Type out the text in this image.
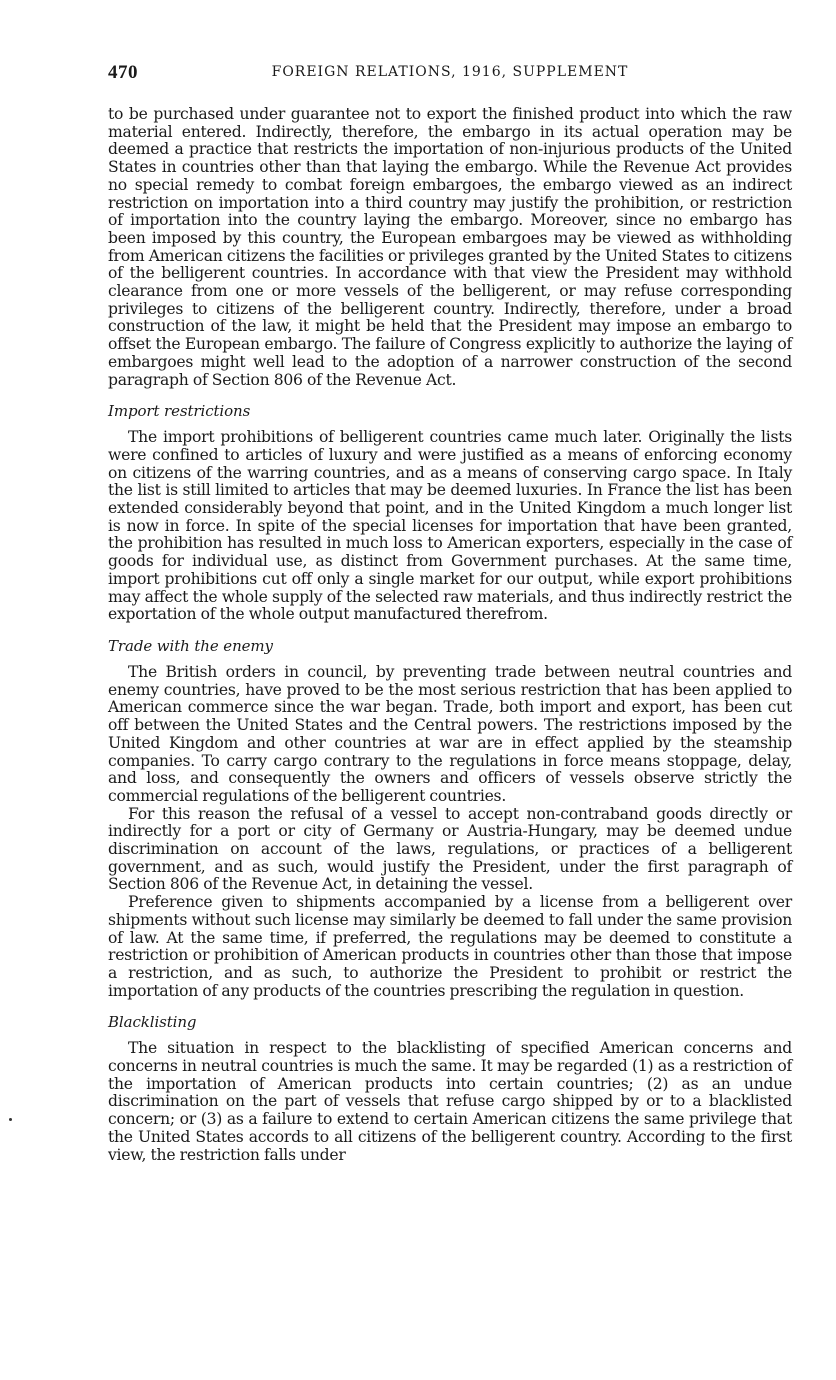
470	FOREIGN RELATIONS, 1916, SUPPLEMENT

to be purchased under guarantee not to export the finished product into which the raw material entered. Indirectly, therefore, the embargo in its actual operation may be deemed a practice that restricts the importation of non-injurious products of the United States in countries other than that laying the embargo. While the Revenue Act provides no special remedy to combat foreign embargoes, the embargo viewed as an indirect restriction on importation into a third country may justify the prohibition, or restriction of importation into the country laying the embargo. Moreover, since no embargo has been imposed by this country, the European embargoes may be viewed as withholding from American citizens the facilities or privileges granted by the United States to citizens of the belligerent countries. In accordance with that view the President may withhold clearance from one or more vessels of the belligerent, or may refuse corresponding privileges to citizens of the belligerent country. Indirectly, therefore, under a broad construction of the law, it might be held that the President may impose an embargo to offset the European embargo. The failure of Congress explicitly to authorize the laying of embargoes might well lead to the adoption of a narrower construction of the second paragraph of Section 806 of the Revenue Act.

Import restrictions

The import prohibitions of belligerent countries came much later. Originally the lists were confined to articles of luxury and were justified as a means of enforcing economy on citizens of the warring countries, and as a means of conserving cargo space. In Italy the list is still limited to articles that may be deemed luxuries. In France the list has been extended considerably beyond that point, and in the United Kingdom a much longer list is now in force. In spite of the special licenses for importation that have been granted, the prohibition has resulted in much loss to American exporters, especially in the case of goods for individual use, as distinct from Government purchases. At the same time, import prohibitions cut off only a single market for our output, while export prohibitions may affect the whole supply of the selected raw materials, and thus indirectly restrict the exportation of the whole output manufactured therefrom.

Trade with the enemy

The British orders in council, by preventing trade between neutral countries and enemy countries, have proved to be the most serious restriction that has been applied to American commerce since the war began. Trade, both import and export, has been cut off between the United States and the Central powers. The restrictions imposed by the United Kingdom and other countries at war are in effect applied by the steamship companies. To carry cargo contrary to the regulations in force means stoppage, delay, and loss, and consequently the owners and officers of vessels observe strictly the commercial regulations of the belligerent countries.

For this reason the refusal of a vessel to accept non-contraband goods directly or indirectly for a port or city of Germany or Austria-Hungary, may be deemed undue discrimination on account of the laws, regulations, or practices of a belligerent government, and as such, would justify the President, under the first paragraph of Section 806 of the Revenue Act, in detaining the vessel.

Preference given to shipments accompanied by a license from a belligerent over shipments without such license may similarly be deemed to fall under the same provision of law. At the same time, if preferred, the regulations may be deemed to constitute a restriction or prohibition of American products in countries other than those that impose a restriction, and as such, to authorize the President to prohibit or restrict the importation of any products of the countries prescribing the regulation in question.

Blacklisting

The situation in respect to the blacklisting of specified American concerns and concerns in neutral countries is much the same. It may be regarded (1) as a restriction of the importation of American products into certain countries; (2) as an undue discrimination on the part of vessels that refuse cargo shipped by or to a blacklisted concern; or (3) as a failure to extend to certain American citizens the same privilege that the United States accords to all citizens of the belligerent country. According to the first view, the restriction falls under
